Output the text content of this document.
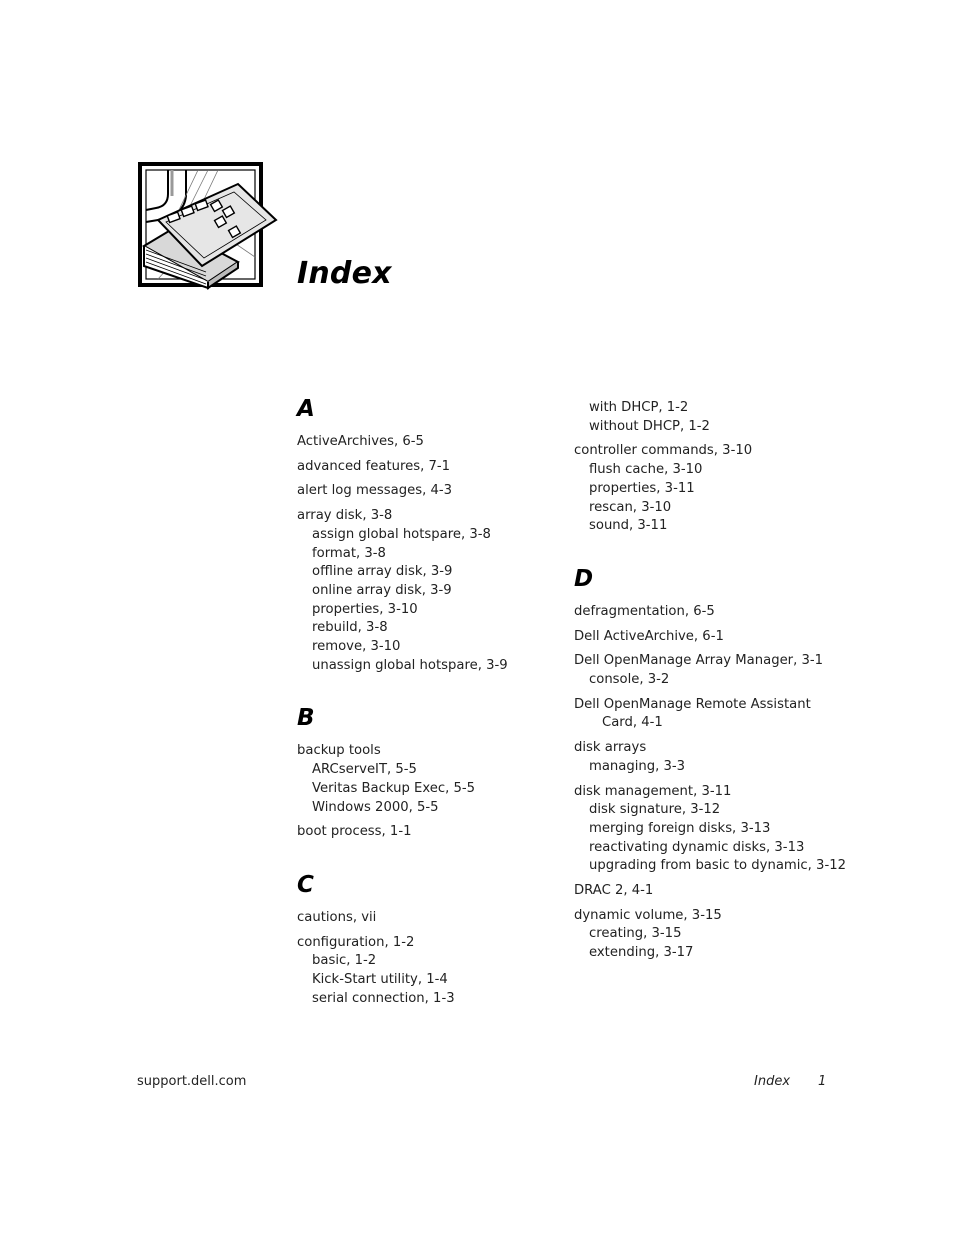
Index
A
ActiveArchives, 6-5
advanced features, 7-1
alert log messages, 4-3
array disk, 3-8
assign global hotspare, 3-8
format, 3-8
offline array disk, 3-9
online array disk, 3-9
properties, 3-10
rebuild, 3-8
remove, 3-10
unassign global hotspare, 3-9
B
backup tools
ARCserveIT, 5-5
Veritas Backup Exec, 5-5
Windows 2000, 5-5
boot process, 1-1
C
cautions, vii
configuration, 1-2
basic, 1-2
Kick-Start utility, 1-4
serial connection, 1-3
with DHCP, 1-2
without DHCP, 1-2
controller commands, 3-10
flush cache, 3-10
properties, 3-11
rescan, 3-10
sound, 3-11
D
defragmentation, 6-5
Dell ActiveArchive, 6-1
Dell OpenManage Array Manager, 3-1
console, 3-2
Dell OpenManage Remote Assistant
Card, 4-1
disk arrays
managing, 3-3
disk management, 3-11
disk signature, 3-12
merging foreign disks, 3-13
reactivating dynamic disks, 3-13
upgrading from basic to dynamic, 3-12
DRAC 2, 4-1
dynamic volume, 3-15
creating, 3-15
extending, 3-17
support.dell.com	Index 1
